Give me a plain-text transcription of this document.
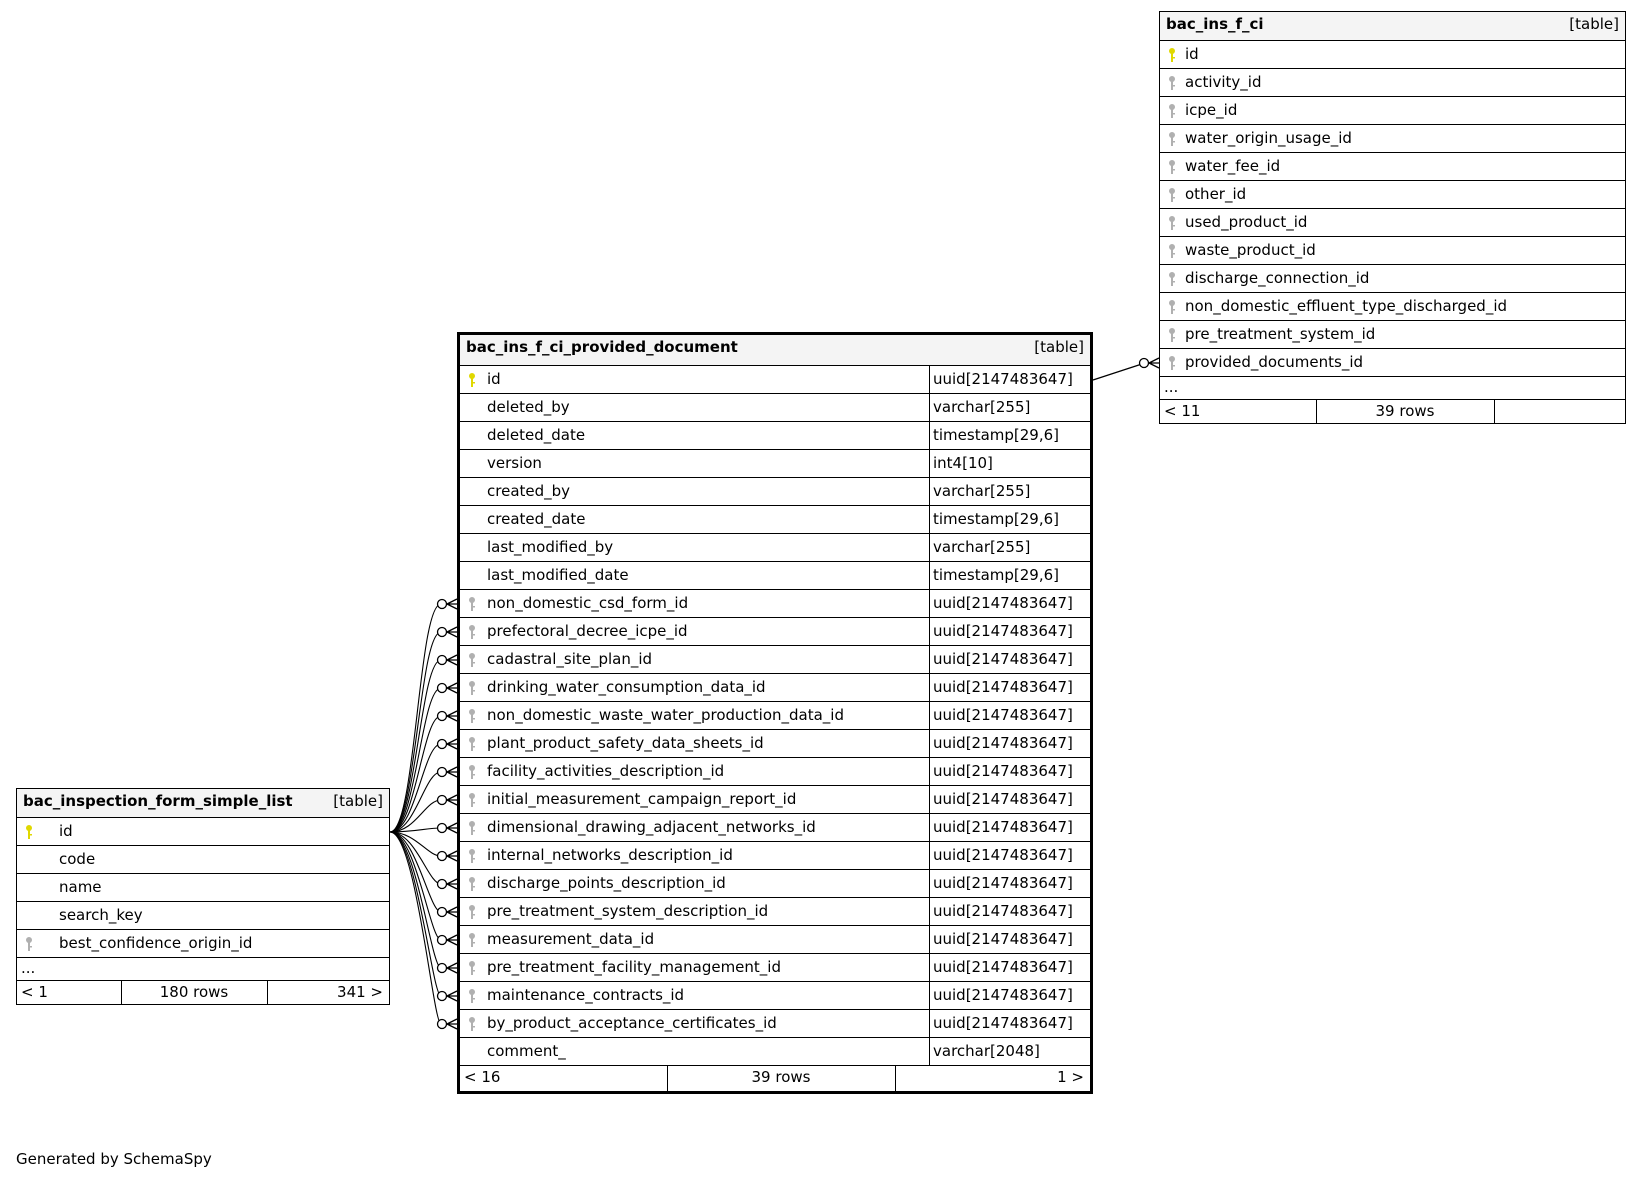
bac_ins_f_ci	[table]
id
activity_id
icpe_id
water_origin_usage_id
water_fee_id
other_id
used_product_id
waste_product_id
discharge_connection_id
non_domestic_effluent_type_discharged_id
pre_treatment_system_id
provided_documents_id
...
< 11	39 rows
bac_ins_f_ci_provided_document	[table]
id	uuid[2147483647]
deleted_by	varchar[255]
deleted_date	timestamp[29,6]
version	int4[10]
created_by	varchar[255]
created_date	timestamp[29,6]
last_modified_by	varchar[255]
last_modified_date	timestamp[29,6]
non_domestic_csd_form_id	uuid[2147483647]
prefectoral_decree_icpe_id	uuid[2147483647]
cadastral_site_plan_id	uuid[2147483647]
drinking_water_consumption_data_id	uuid[2147483647]
non_domestic_waste_water_production_data_id	uuid[2147483647]
plant_product_safety_data_sheets_id	uuid[2147483647]
facility_activities_description_id	uuid[2147483647]
initial_measurement_campaign_report_id	uuid[2147483647]
dimensional_drawing_adjacent_networks_id	uuid[2147483647]
internal_networks_description_id	uuid[2147483647]
discharge_points_description_id	uuid[2147483647]
pre_treatment_system_description_id	uuid[2147483647]
measurement_data_id	uuid[2147483647]
pre_treatment_facility_management_id	uuid[2147483647]
maintenance_contracts_id	uuid[2147483647]
by_product_acceptance_certificates_id	uuid[2147483647]
comment_	varchar[2048]
< 16	39 rows	1 >
bac_inspection_form_simple_list	[table]
id
code
name
search_key
best_confidence_origin_id
...
< 1	180 rows	341 >
Generated by SchemaSpy
